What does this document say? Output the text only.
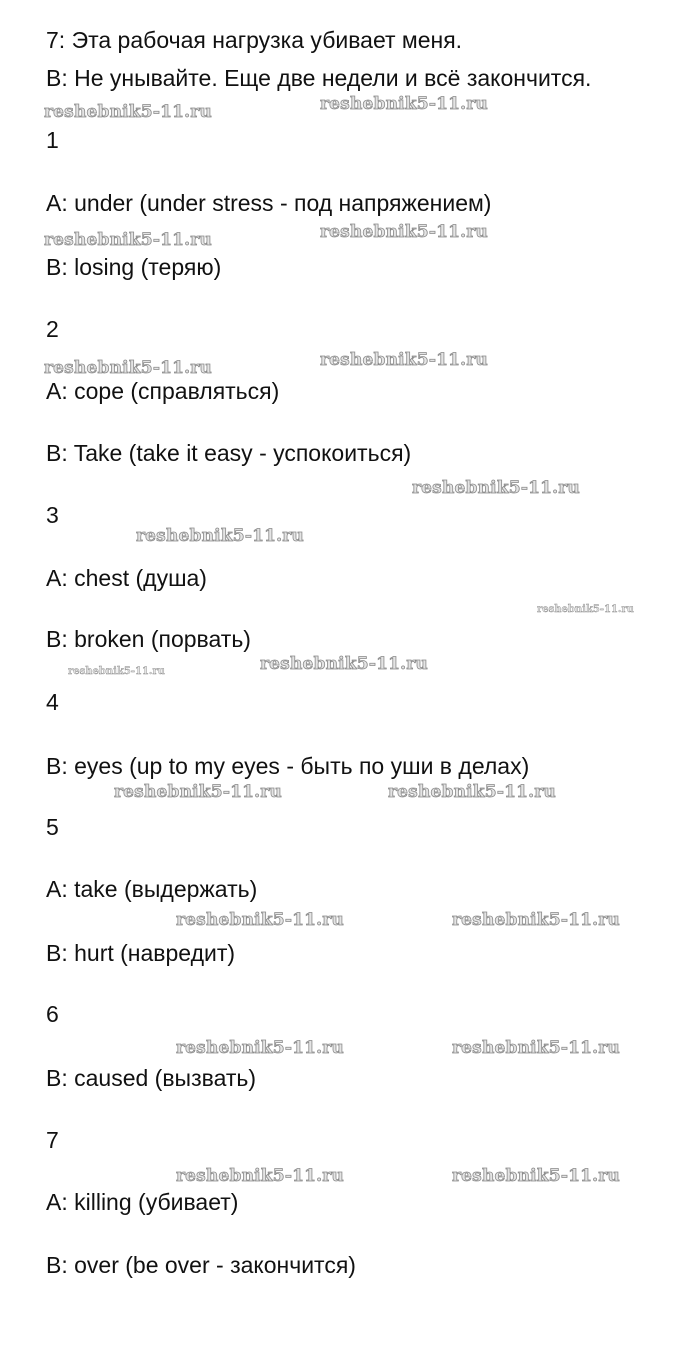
7: Эта рабочая нагрузка убивает меня.

B: Не унывайте. Еще две недели и всё закончится.

1

A: under (under stress - под напряжением)

B: losing (теряю)

2

A: cope (справляться)

B: Take (take it easy - успокоиться)

3

A: chest (душа)

B: broken (порвать)

4

B: eyes (up to my eyes - быть по уши в делах)

5

A: take (выдержать)

B: hurt (навредит)

6

B: caused (вызвать)

7

A: killing (убивает)

B: over (be over - закончится)

reshebnik5-11.ru	reshebnik5-11.ru
reshebnik5-11.ru	reshebnik5-11.ru
reshebnik5-11.ru	reshebnik5-11.ru
reshebnik5-11.ru
reshebnik5-11.ru
reshebnik5-11.ru
reshebnik5-11.ru	reshebnik5-11.ru
reshebnik5-11.ru	reshebnik5-11.ru
reshebnik5-11.ru	reshebnik5-11.ru
reshebnik5-11.ru	reshebnik5-11.ru
reshebnik5-11.ru	reshebnik5-11.ru
